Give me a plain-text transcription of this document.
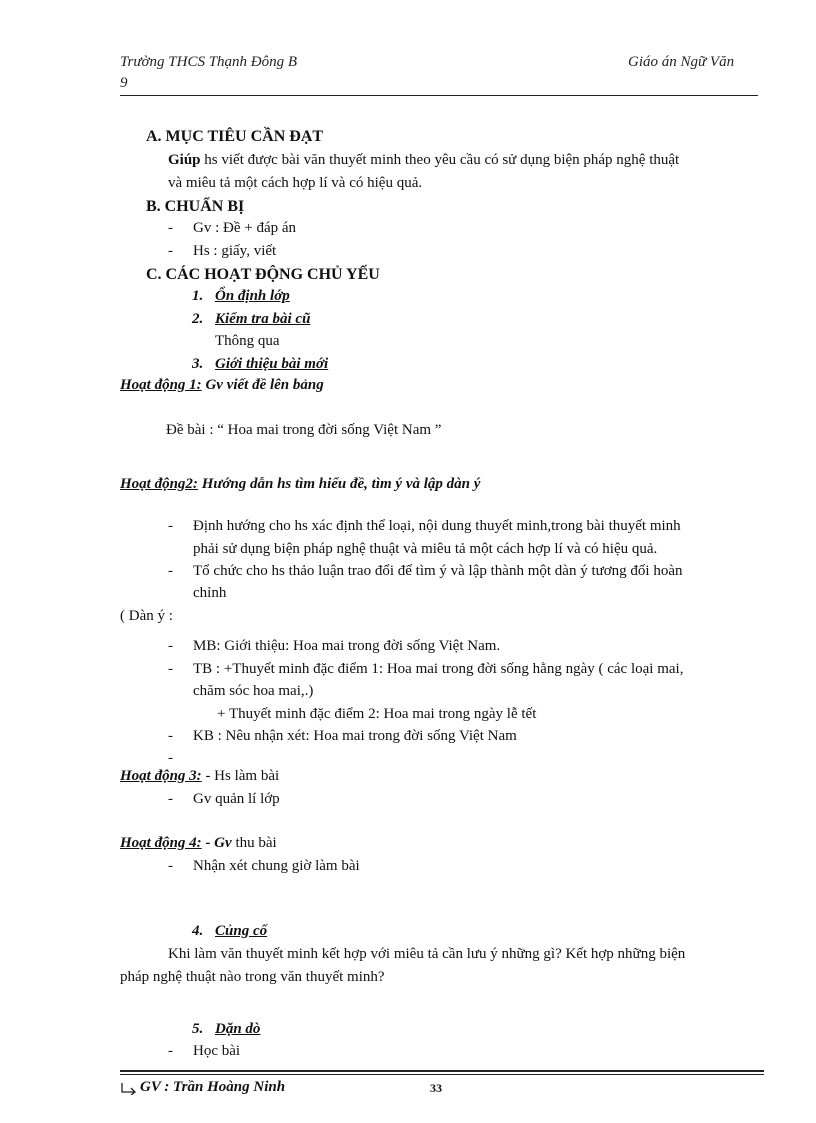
Trường THCS Thạnh Đông B
9
Giáo án Ngữ Văn
A. MỤC TIÊU CẦN ĐẠT
Giúp hs viết được bài văn thuyết minh theo yêu cầu có sử dụng biện pháp nghệ thuật
và miêu tả một cách hợp lí và có hiệu quả.
B. CHUẨN BỊ
- Gv : Đề + đáp án
- Hs : giấy, viết
C. CÁC HOẠT ĐỘNG CHỦ YẾU
1. Ổn định lớp
2. Kiểm tra bài cũ
Thông qua
3. Giới thiệu bài mới
Hoạt động 1: Gv viết đề lên bảng
Đề bài : “ Hoa mai trong đời sống Việt Nam ”
Hoạt động2: Hướng dẫn hs tìm hiểu đề, tìm ý và lập dàn ý
- Định hướng cho hs xác định thể loại, nội dung thuyết minh,trong bài thuyết minh
phải sử dụng biện pháp nghệ thuật và miêu tả một cách hợp lí và có hiệu quả.
- Tổ chức cho hs thảo luận trao đổi để tìm ý và lập thành một dàn ý tương đối hoàn
chỉnh
( Dàn ý :
- MB: Giới thiệu: Hoa mai trong đời sống Việt Nam.
- TB : +Thuyết minh đặc điểm 1: Hoa mai trong đời sống hằng ngày ( các loại mai,
chăm sóc hoa mai,.)
+ Thuyết minh đặc điểm 2: Hoa mai trong ngày lễ tết
- KB : Nêu nhận xét: Hoa mai trong đời sống Việt Nam
-
Hoạt động 3: - Hs làm bài
- Gv quản lí lớp
Hoạt động 4: - Gv thu bài
- Nhận xét chung giờ làm bài
4. Củng cố
Khi làm văn thuyết minh kết hợp với miêu tả cần lưu ý những gì? Kết hợp những biện
pháp nghệ thuật nào trong văn thuyết minh?
5. Dặn dò
- Học bài
GV : Trần Hoàng Ninh	33
